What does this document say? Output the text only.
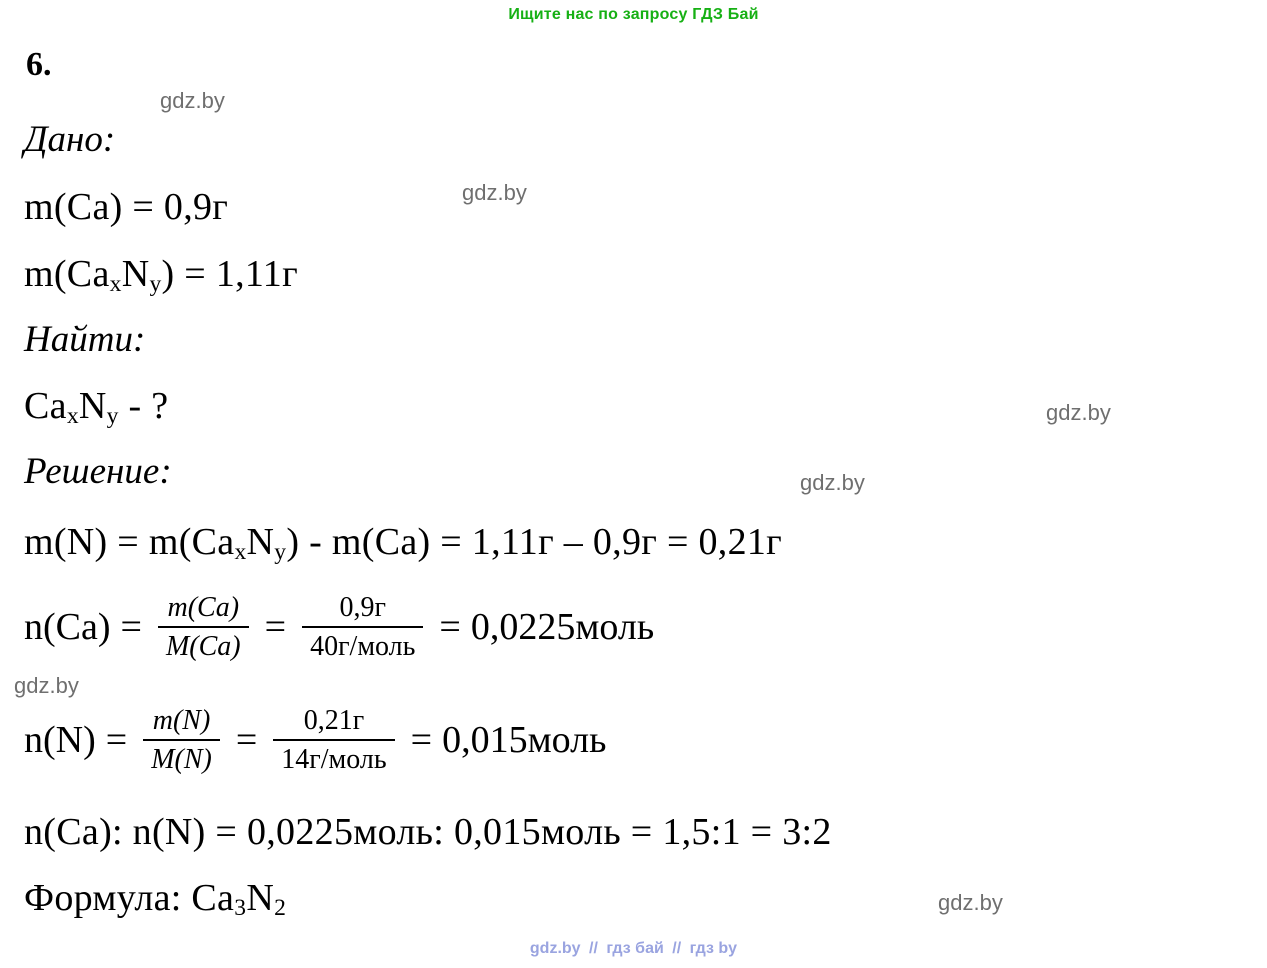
Ищите нас по запросу ГДЗ Бай
gdz.by
gdz.by
gdz.by
gdz.by
gdz.by
gdz.by
6.
Дано:
m(Ca) = 0,9г
$m(Ca_xN_y) = 1,11г$
Найти:
$Ca_xN_y$ - ?
Решение:
$m(N) = m(Ca_xN_y) - m(Ca) = 1,11г - 0,9г = 0,21г$
$n(Ca) = \frac{m(Ca)}{M(Ca)} = \frac{0,9г}{\text{40г/моль}}$ = 0,0225моль
$n(N) = \frac{m(N)}{M(N)} = \frac{0,21г}{\text{14г/моль}}$ = 0,015моль
n(Ca): n(N) = 0,0225моль: 0,015моль = 1,5:1 = 3:2
Формула: $Ca_3N_2$
gdz.by // гдз бай // гдз by
